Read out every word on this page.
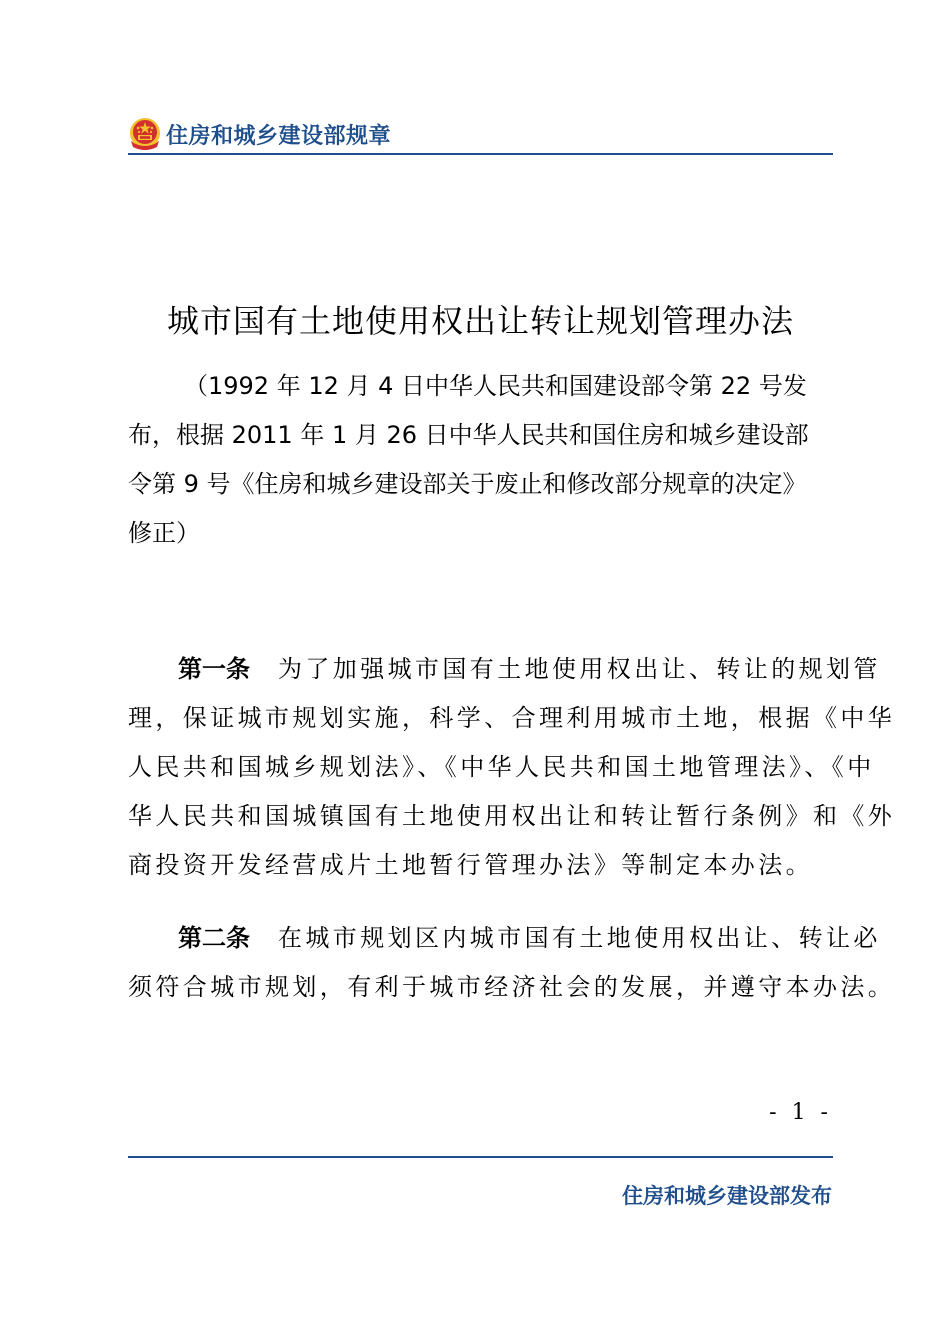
住房和城乡建设部规章
城市国有土地使用权出让转让规划管理办法
（1992 年 12 月 4 日中华人民共和国建设部令第 22 号发
布，根据 2011 年 1 月 26 日中华人民共和国住房和城乡建设部
令第 9 号《住房和城乡建设部关于废止和修改部分规章的决定》
修正）
第一条 为了加强城市国有土地使用权出让、转让的规划管
理，保证城市规划实施，科学、合理利用城市土地，根据《中华
人民共和国城乡规划法》、《中华人民共和国土地管理法》、《中
华人民共和国城镇国有土地使用权出让和转让暂行条例》和《外
商投资开发经营成片土地暂行管理办法》等制定本办法。
第二条 在城市规划区内城市国有土地使用权出让、转让必
须符合城市规划，有利于城市经济社会的发展，并遵守本办法。
- 1 -
住房和城乡建设部发布
